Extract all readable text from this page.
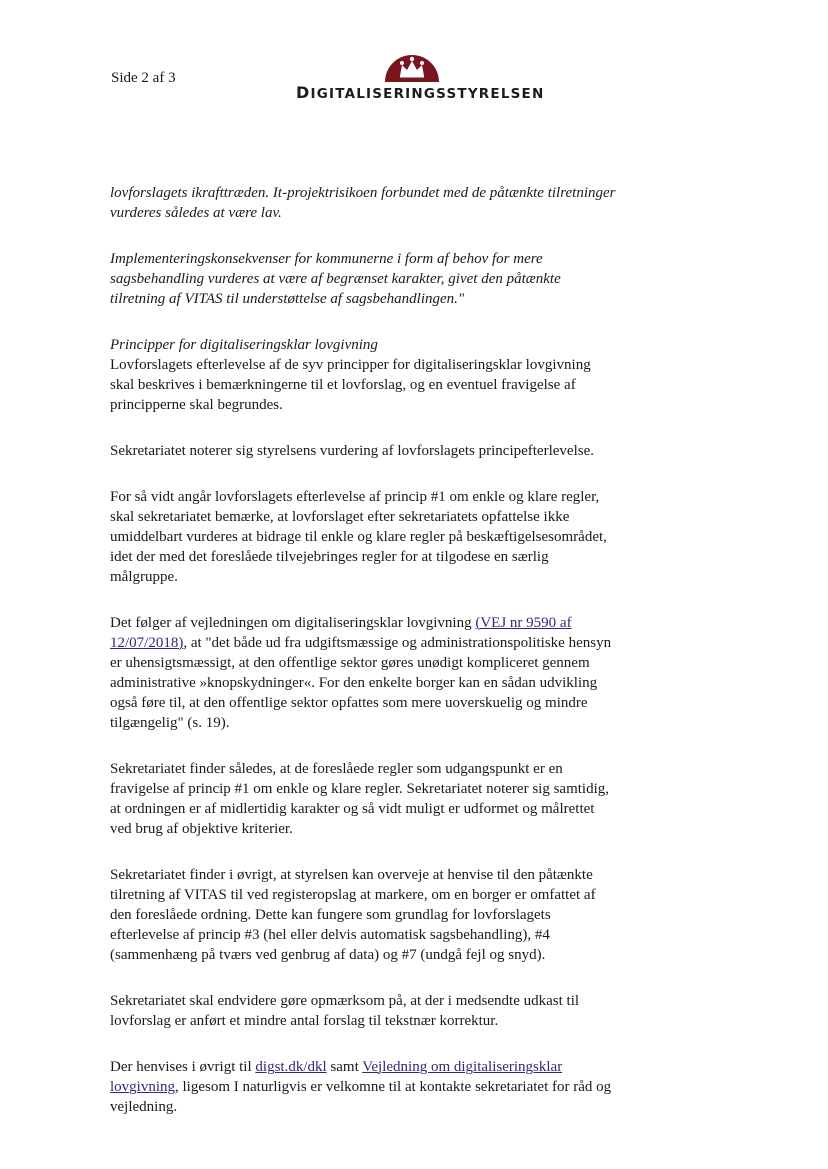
Side 2 af 3
DIGITALISERINGSSTYRELSEN

lovforslagets ikrafttræden. It-projektrisikoen forbundet med de påtænkte tilretninger vurderes således at være lav.

Implementeringskonsekvenser for kommunerne i form af behov for mere sagsbehandling vurderes at være af begrænset karakter, givet den påtænkte tilretning af VITAS til understøttelse af sagsbehandlingen."

Principper for digitaliseringsklar lovgivning

Lovforslagets efterlevelse af de syv principper for digitaliseringsklar lovgivning skal beskrives i bemærkningerne til et lovforslag, og en eventuel fravigelse af principperne skal begrundes.

Sekretariatet noterer sig styrelsens vurdering af lovforslagets principefterlevelse.

For så vidt angår lovforslagets efterlevelse af princip #1 om enkle og klare regler, skal sekretariatet bemærke, at lovforslaget efter sekretariatets opfattelse ikke umiddelbart vurderes at bidrage til enkle og klare regler på beskæftigelsesområdet, idet der med det foreslåede tilvejebringes regler for at tilgodese en særlig målgruppe.

Det følger af vejledningen om digitaliseringsklar lovgivning (VEJ nr 9590 af 12/07/2018), at "det både ud fra udgiftsmæssige og administrationspolitiske hensyn er uhensigtsmæssigt, at den offentlige sektor gøres unødigt kompliceret gennem administrative »knopskydninger«. For den enkelte borger kan en sådan udvikling også føre til, at den offentlige sektor opfattes som mere uoverskuelig og mindre tilgængelig" (s. 19).

Sekretariatet finder således, at de foreslåede regler som udgangspunkt er en fravigelse af princip #1 om enkle og klare regler. Sekretariatet noterer sig samtidig, at ordningen er af midlertidig karakter og så vidt muligt er udformet og målrettet ved brug af objektive kriterier.

Sekretariatet finder i øvrigt, at styrelsen kan overveje at henvise til den påtænkte tilretning af VITAS til ved registeropslag at markere, om en borger er omfattet af den foreslåede ordning. Dette kan fungere som grundlag for lovforslagets efterlevelse af princip #3 (hel eller delvis automatisk sagsbehandling), #4 (sammenhæng på tværs ved genbrug af data) og #7 (undgå fejl og snyd).

Sekretariatet skal endvidere gøre opmærksom på, at der i medsendte udkast til lovforslag er anført et mindre antal forslag til tekstnær korrektur.

Der henvises i øvrigt til digst.dk/dkl samt Vejledning om digitaliseringsklar lovgivning, ligesom I naturligvis er velkomne til at kontakte sekretariatet for råd og vejledning.
